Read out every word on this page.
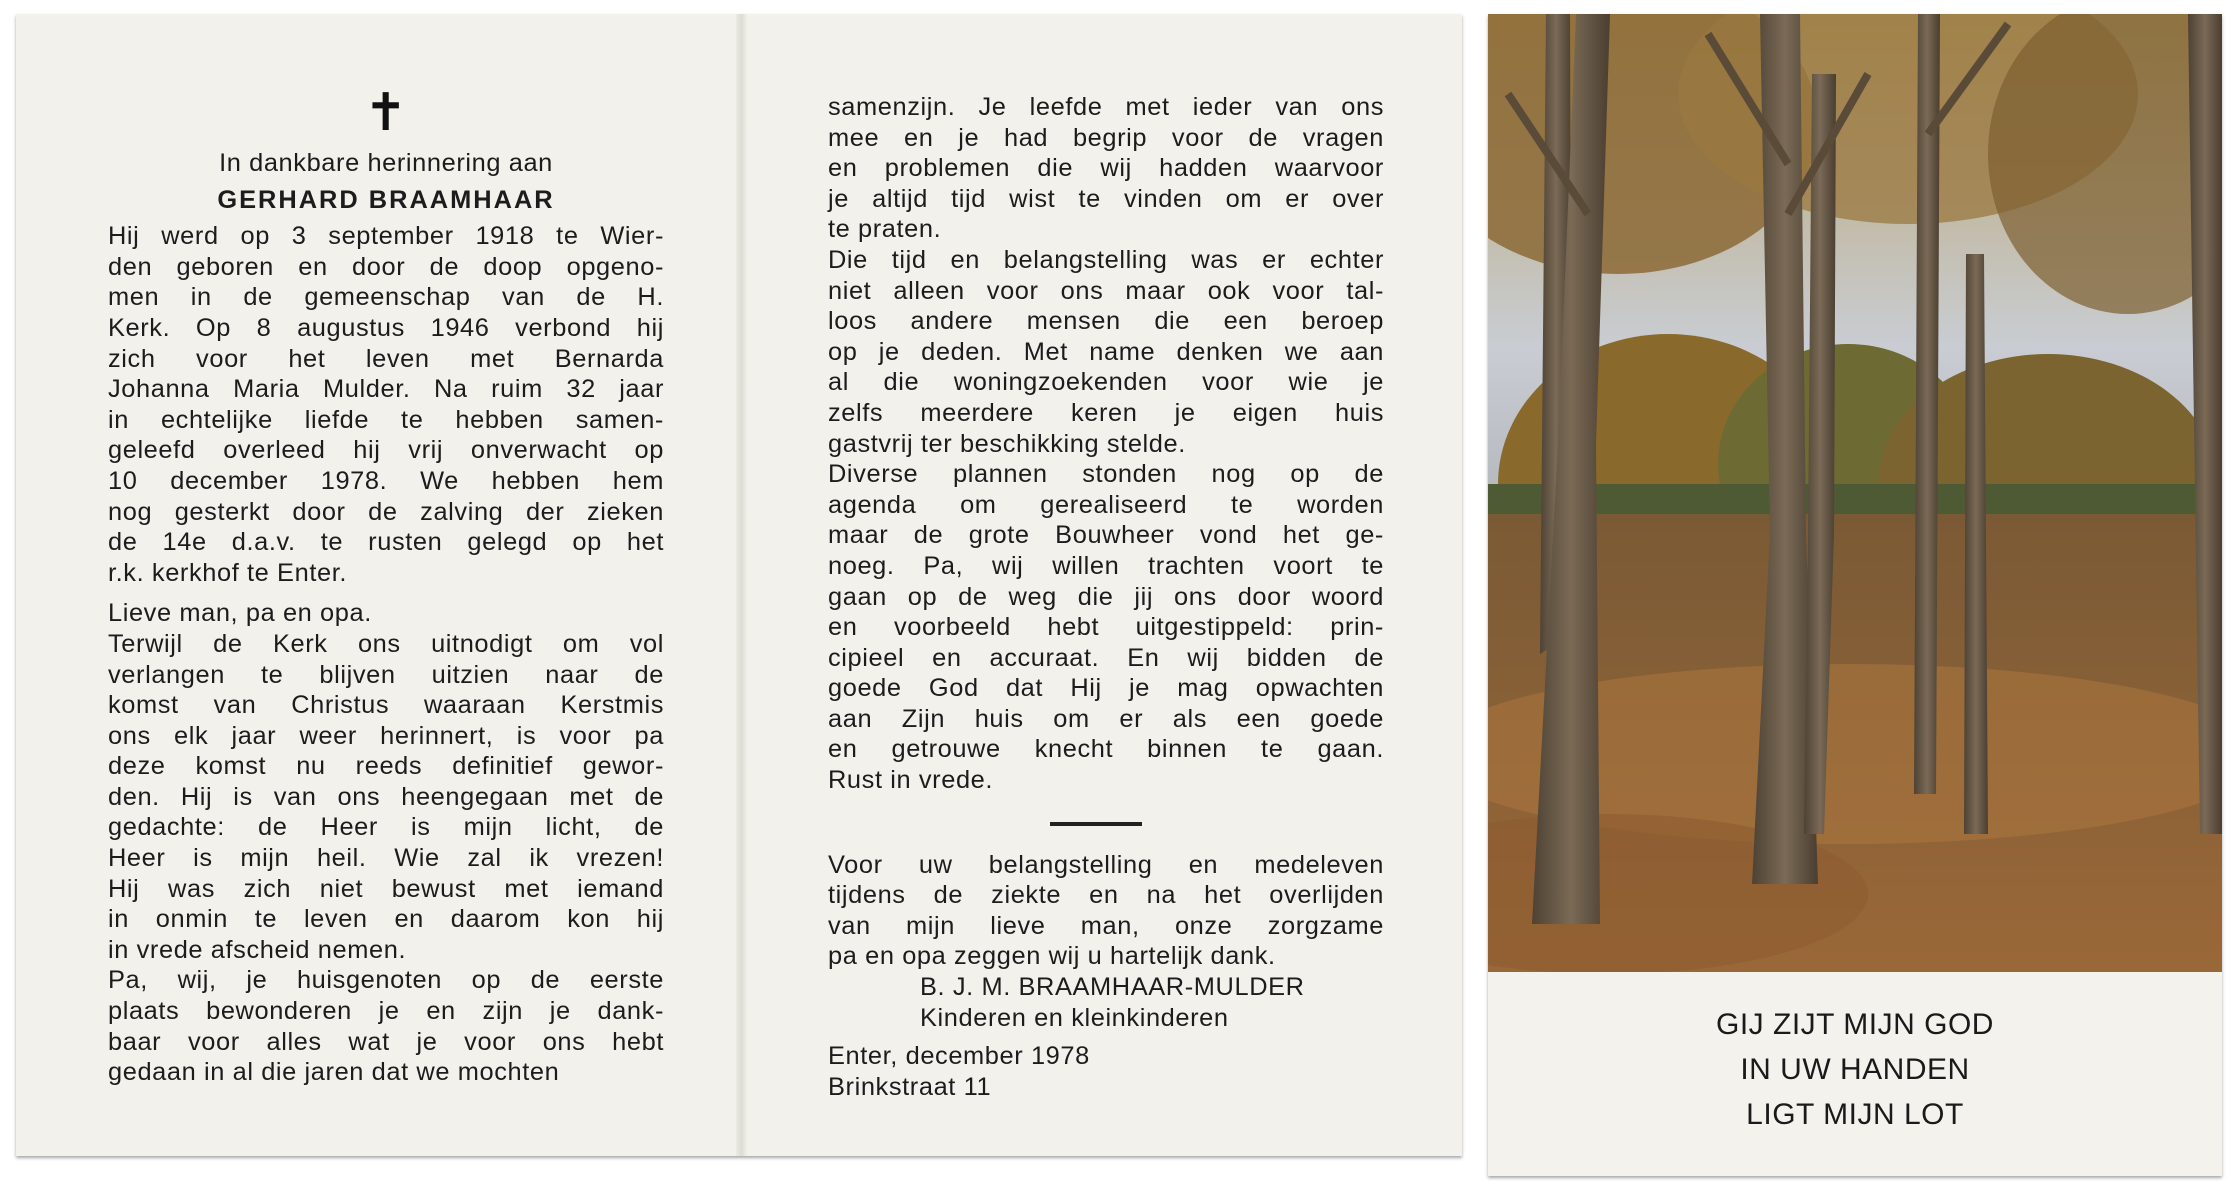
✝
In dankbare herinnering aan
GERHARD BRAAMHAAR
Hij werd op 3 september 1918 te Wier-
den geboren en door de doop opgeno-
men in de gemeenschap van de H.
Kerk. Op 8 augustus 1946 verbond hij
zich voor het leven met Bernarda
Johanna Maria Mulder. Na ruim 32 jaar
in echtelijke liefde te hebben samen-
geleefd overleed hij vrij onverwacht op
10 december 1978. We hebben hem
nog gesterkt door de zalving der zieken
de 14e d.a.v. te rusten gelegd op het
r.k. kerkhof te Enter.
Lieve man, pa en opa.
Terwijl de Kerk ons uitnodigt om vol
verlangen te blijven uitzien naar de
komst van Christus waaraan Kerstmis
ons elk jaar weer herinnert, is voor pa
deze komst nu reeds definitief gewor-
den. Hij is van ons heengegaan met de
gedachte: de Heer is mijn licht, de
Heer is mijn heil. Wie zal ik vrezen!
Hij was zich niet bewust met iemand
in onmin te leven en daarom kon hij
in vrede afscheid nemen.
Pa, wij, je huisgenoten op de eerste
plaats bewonderen je en zijn je dank-
baar voor alles wat je voor ons hebt
gedaan in al die jaren dat we mochten
samenzijn. Je leefde met ieder van ons
mee en je had begrip voor de vragen
en problemen die wij hadden waarvoor
je altijd tijd wist te vinden om er over
te praten.
Die tijd en belangstelling was er echter
niet alleen voor ons maar ook voor tal-
loos andere mensen die een beroep
op je deden. Met name denken we aan
al die woningzoekenden voor wie je
zelfs meerdere keren je eigen huis
gastvrij ter beschikking stelde.
Diverse plannen stonden nog op de
agenda om gerealiseerd te worden
maar de grote Bouwheer vond het ge-
noeg. Pa, wij willen trachten voort te
gaan op de weg die jij ons door woord
en voorbeeld hebt uitgestippeld: prin-
cipieel en accuraat. En wij bidden de
goede God dat Hij je mag opwachten
aan Zijn huis om er als een goede
en getrouwe knecht binnen te gaan.
Rust in vrede.
Voor uw belangstelling en medeleven
tijdens de ziekte en na het overlijden
van mijn lieve man, onze zorgzame
pa en opa zeggen wij u hartelijk dank.
B. J. M. BRAAMHAAR-MULDER
Kinderen en kleinkinderen
Enter, december 1978
Brinkstraat 11
GIJ ZIJT MIJN GOD
IN UW HANDEN
LIGT MIJN LOT
